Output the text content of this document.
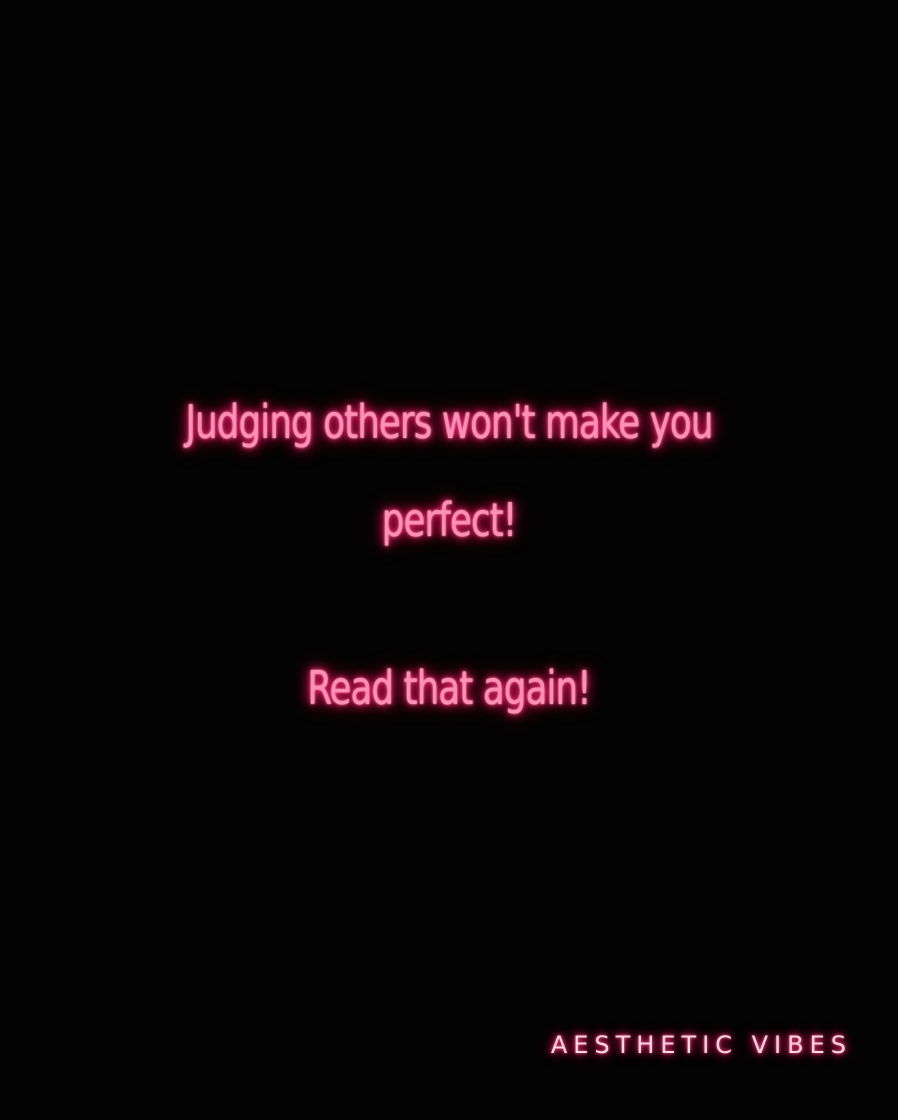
Judging others won't make you
perfect!
Read that again!
AESTHETIC VIBES
